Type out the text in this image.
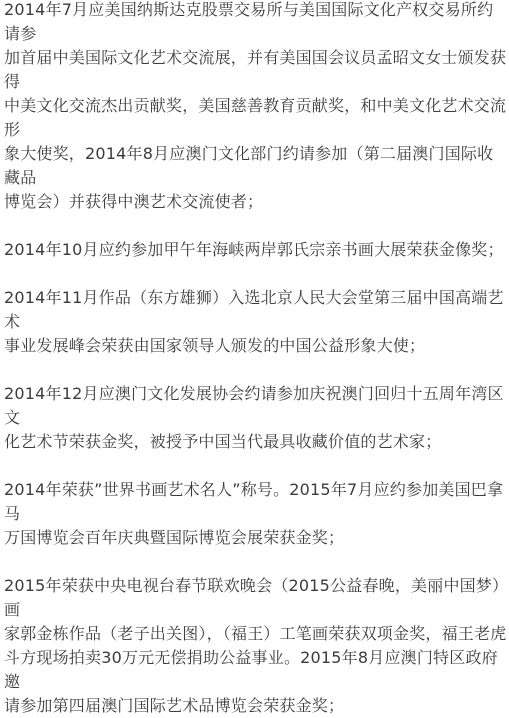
2014年7月应美国纳斯达克股票交易所与美国国际文化产权交易所约请参
加首届中美国际文化艺术交流展，并有美国国会议员孟昭文女士颁发获得
中美文化交流杰出贡献奖，美国慈善教育贡献奖，和中美文化艺术交流形
象大使奖，2014年8月应澳门文化部门约请参加（第二届澳门国际收藏品
博览会）并获得中澳艺术交流使者；

2014年10月应约参加甲午年海峡两岸郭氏宗亲书画大展荣获金像奖；

2014年11月作品（东方雄狮）入选北京人民大会堂第三届中国高端艺术
事业发展峰会荣获由国家领导人颁发的中国公益形象大使；

2014年12月应澳门文化发展协会约请参加庆祝澳门回归十五周年湾区文
化艺术节荣获金奖，被授予中国当代最具收藏价值的艺术家；

2014年荣获”世界书画艺术名人”称号。2015年7月应约参加美国巴拿马
万国博览会百年庆典暨国际博览会展荣获金奖；

2015年荣获中央电视台春节联欢晚会（2015公益春晚，美丽中国梦）画
家郭金栋作品（老子出关图），（福王）工笔画荣获双项金奖，福王老虎
斗方现场拍卖30万元无偿捐助公益事业。2015年8月应澳门特区政府邀
请参加第四届澳门国际艺术品博览会荣获金奖；
